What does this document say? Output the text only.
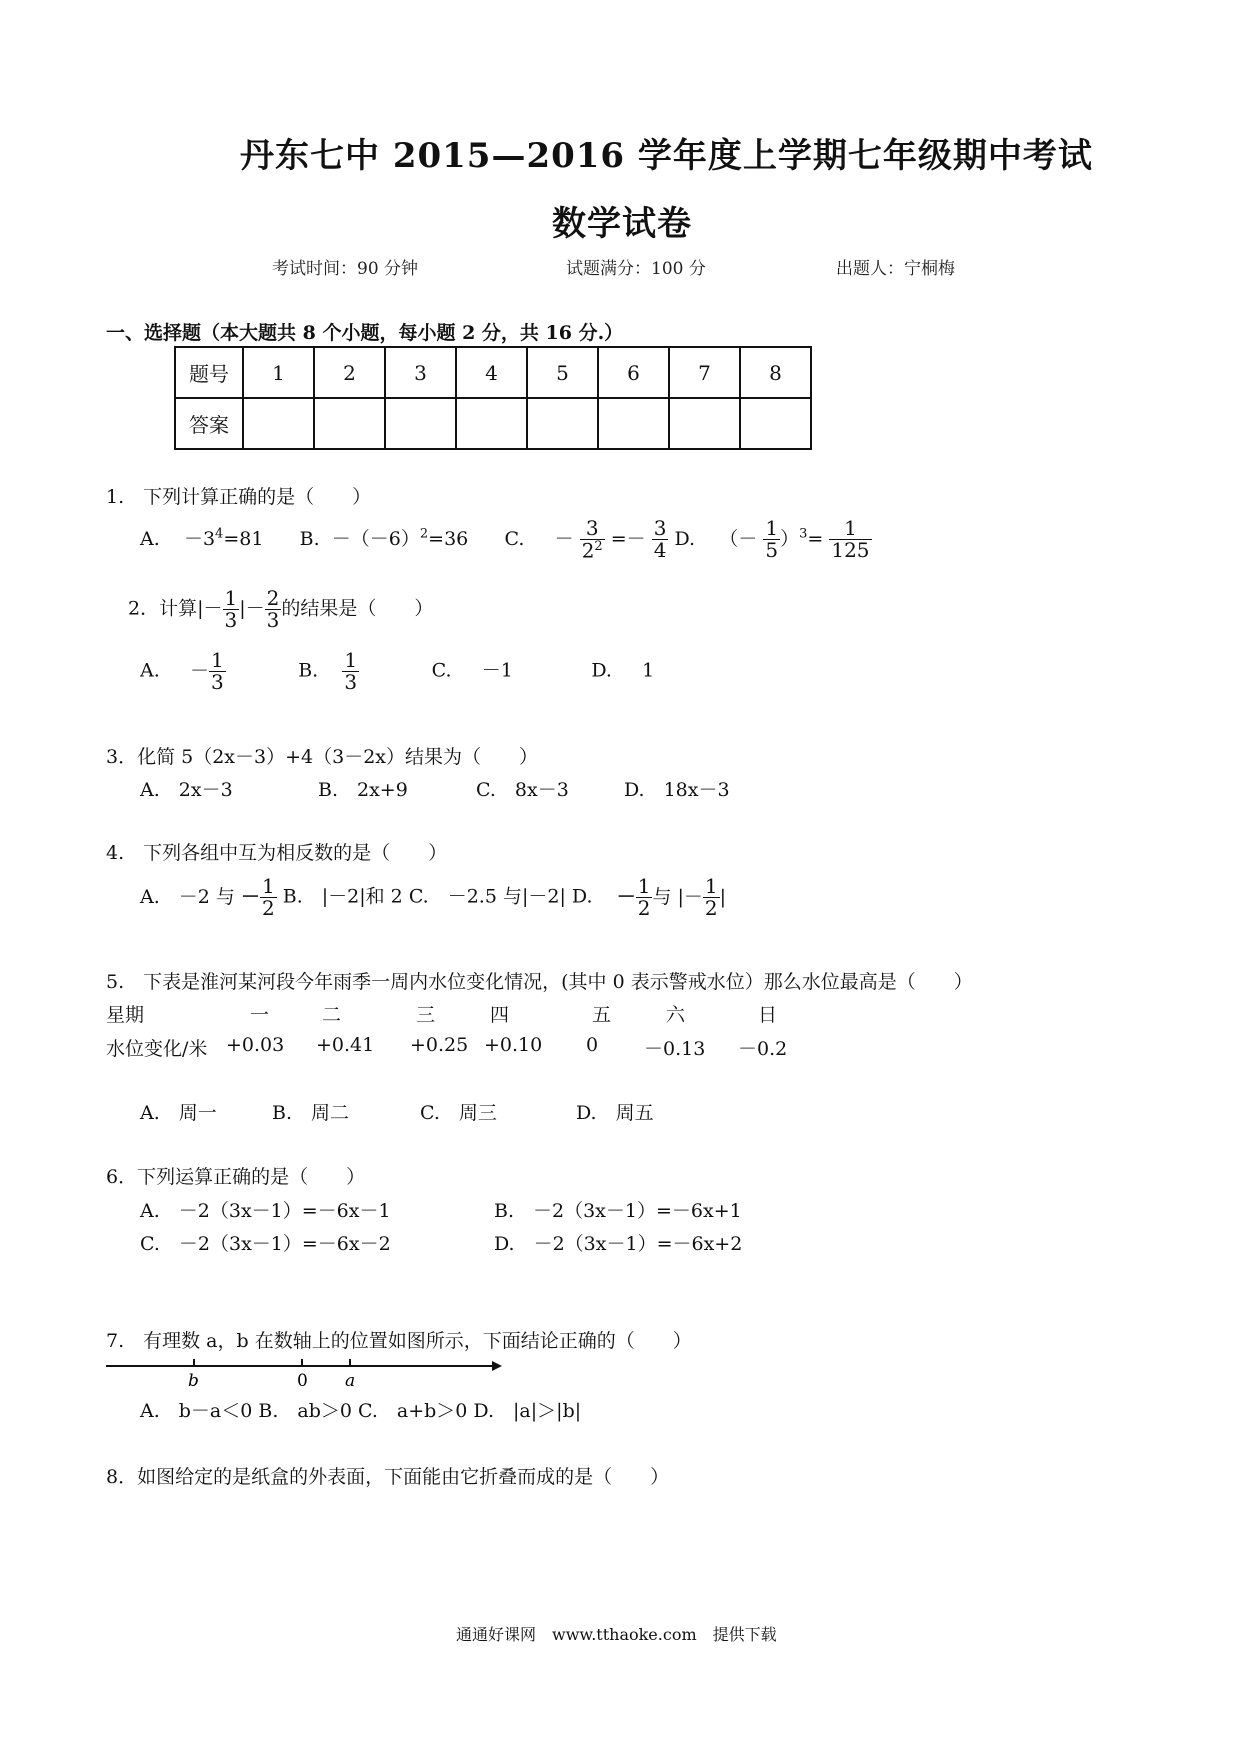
丹东七中 2015—2016 学年度上学期七年级期中考试
数学试卷
考试时间：90 分钟	试题满分：100 分	出题人：宁桐梅
一、选择题（本大题共 8 个小题，每小题 2 分，共 16 分.）
题号	1	2	3	4	5	6	7	8
答案								
1.　下列计算正确的是（　　）
A. $-3^4=81$ B. $-(-6)^2=36$ C. － $\frac{3}{2^2} =- \frac{3}{4} D$. （－ $\frac{1}{5} )^3= \frac{1}{125}$
2．计算|－ $\frac{1}{3}$ |－ $\frac{2}{3}$ 的结果是（　　）
A. － $\frac{1}{3}$	B. $\frac{1}{3}$	C. －1	D. 1
3．化简 5（2x－3）+4（3－2x）结果为（　　）
A.　2x－3	B.　2x+9	C.　8x－3	D.　18x－3
4.　下列各组中互为相反数的是（　　）
A.　－2 与 － $\frac{1}{2} B$.　|－2|和 2 C.　－2.5 与|－2| D. － $\frac{1}{2}$ 与 |－ $\frac{1}{2}$ |
5.　下表是淮河某河段今年雨季一周内水位变化情况，(其中 0 表示警戒水位）那么水位最高是（　　）
星期	一	二	三	四	五	六	日
水位变化/米 +0.03 +0.41 +0.25 +0.10 0 －0.13 －0.2
A.　周一	B.　周二	C.　周三	D.　周五
6．下列运算正确的是（　　）
A.　－2（3x－1）=－6x－1	B.　－2（3x－1）=－6x+1
C.　－2（3x－1）=－6x－2	D.　－2（3x－1）=－6x+2
7.　有理数 a，b 在数轴上的位置如图所示，下面结论正确的（　　）
b	0 a
A.　b－a＜0 B.　ab＞0 C.　a+b＞0 D.　|a|＞|b|
8．如图给定的是纸盒的外表面，下面能由它折叠而成的是（　　）
通通好课网　www.tthaoke.com　提供下载
